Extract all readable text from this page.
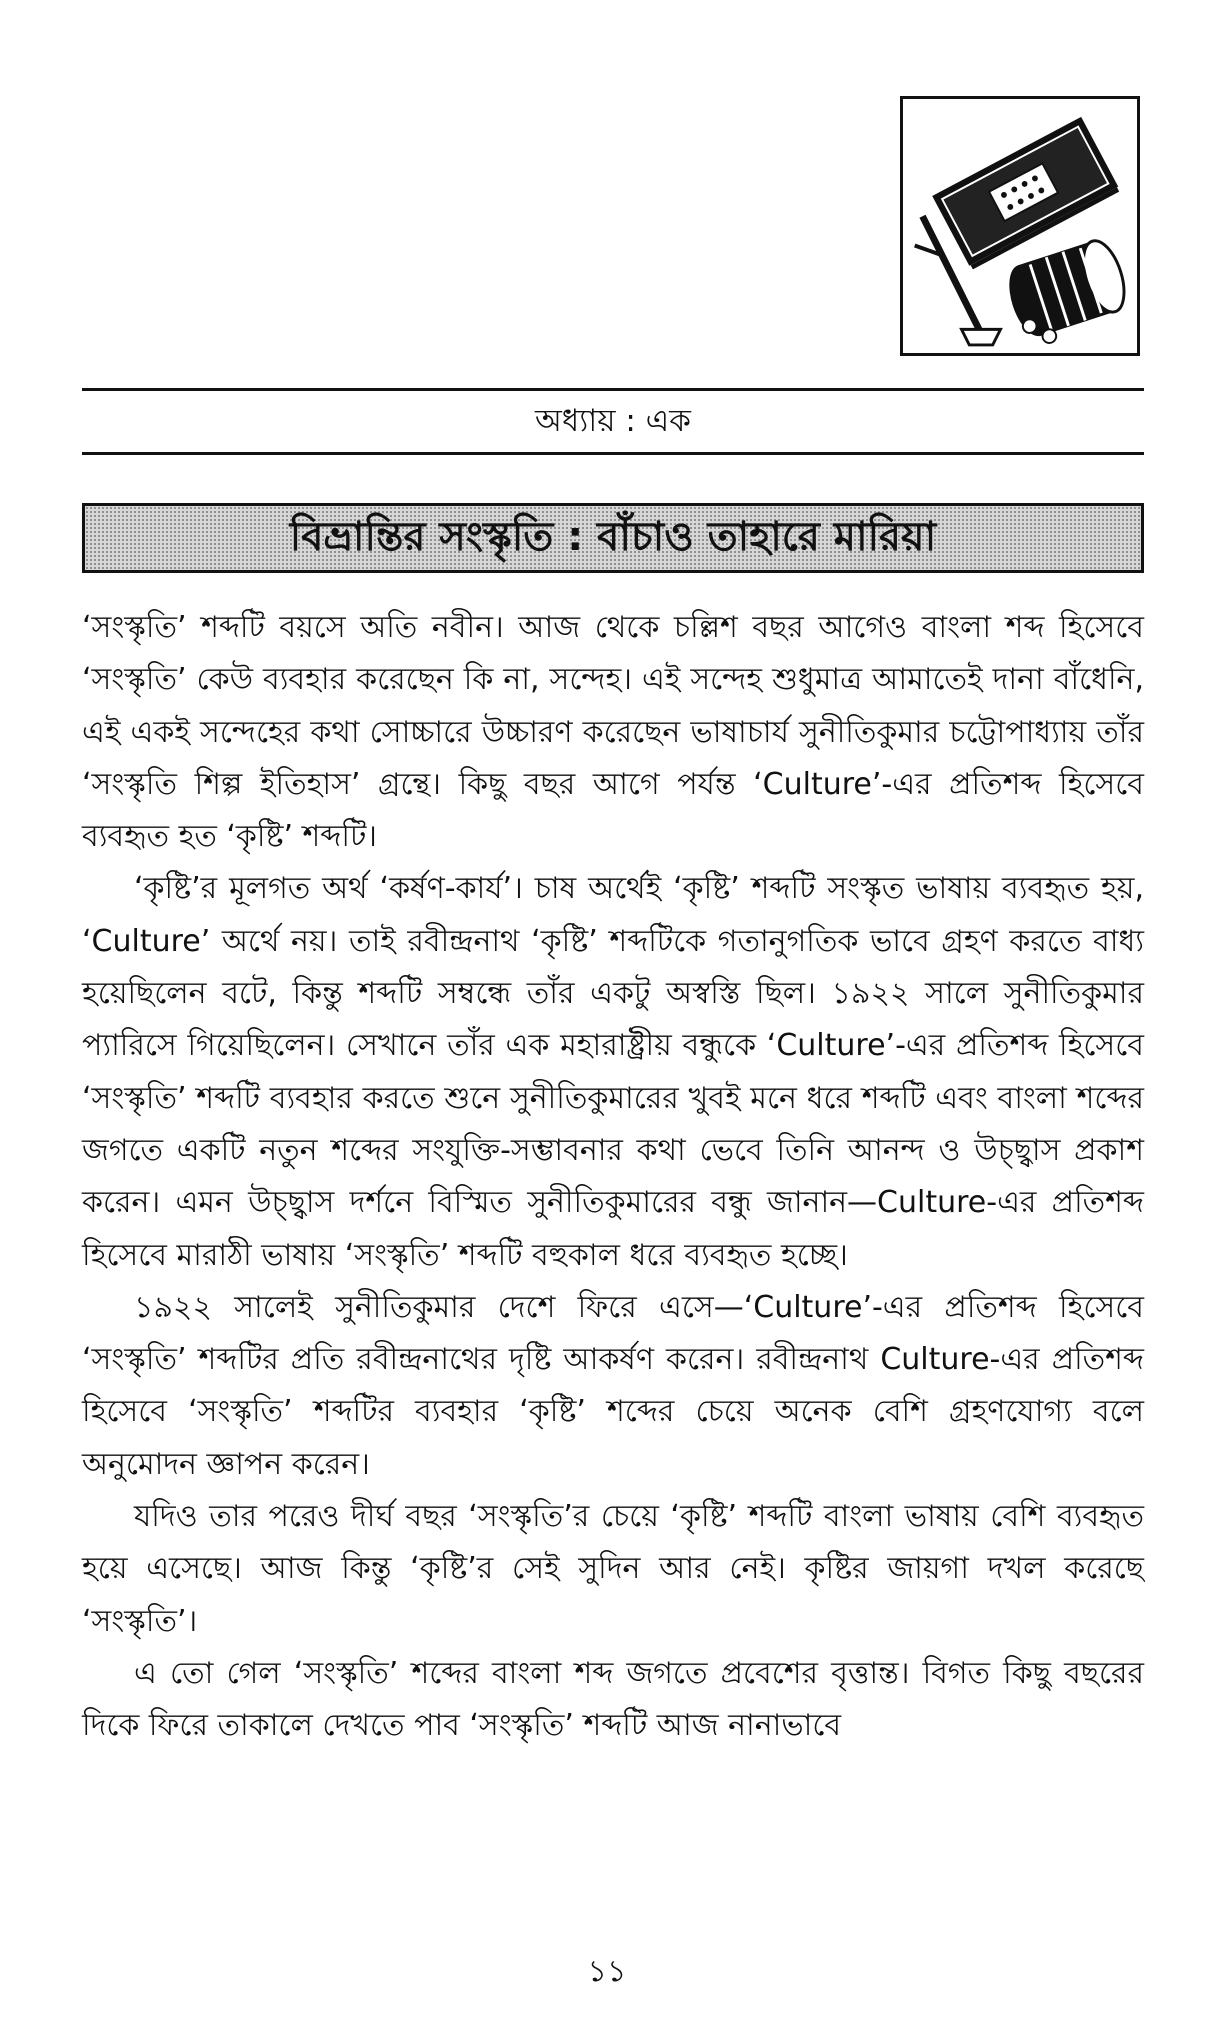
অধ্যায় : এক
বিভ্রান্তির সংস্কৃতি : বাঁচাও তাহারে মারিয়া

‘সংস্কৃতি’ শব্দটি বয়সে অতি নবীন। আজ থেকে চল্লিশ বছর আগেও বাংলা শব্দ হিসেবে ‘সংস্কৃতি’ কেউ ব্যবহার করেছেন কি না, সন্দেহ। এই সন্দেহ শুধুমাত্র আমাতেই দানা বাঁধেনি, এই একই সন্দেহের কথা সোচ্চারে উচ্চারণ করেছেন ভাষাচার্য সুনীতিকুমার চট্টোপাধ্যায় তাঁর ‘সংস্কৃতি শিল্প ইতিহাস’ গ্রন্থে। কিছু বছর আগে পর্যন্ত ‘Culture’-এর প্রতিশব্দ হিসেবে ব্যবহৃত হত ‘কৃষ্টি’ শব্দটি।

‘কৃষ্টি’র মূলগত অর্থ ‘কর্ষণ-কার্য’। চাষ অর্থেই ‘কৃষ্টি’ শব্দটি সংস্কৃত ভাষায় ব্যবহৃত হয়, ‘Culture’ অর্থে নয়। তাই রবীন্দ্রনাথ ‘কৃষ্টি’ শব্দটিকে গতানুগতিক ভাবে গ্রহণ করতে বাধ্য হয়েছিলেন বটে, কিন্তু শব্দটি সম্বন্ধে তাঁর একটু অস্বস্তি ছিল। ১৯২২ সালে সুনীতিকুমার প্যারিসে গিয়েছিলেন। সেখানে তাঁর এক মহারাষ্ট্রীয় বন্ধুকে ‘Culture’-এর প্রতিশব্দ হিসেবে ‘সংস্কৃতি’ শব্দটি ব্যবহার করতে শুনে সুনীতিকুমারের খুবই মনে ধরে শব্দটি এবং বাংলা শব্দের জগতে একটি নতুন শব্দের সংযুক্তি-সম্ভাবনার কথা ভেবে তিনি আনন্দ ও উচ্ছ্বাস প্রকাশ করেন। এমন উচ্ছ্বাস দর্শনে বিস্মিত সুনীতিকুমারের বন্ধু জানান—Culture-এর প্রতিশব্দ হিসেবে মারাঠী ভাষায় ‘সংস্কৃতি’ শব্দটি বহুকাল ধরে ব্যবহৃত হচ্ছে।

১৯২২ সালেই সুনীতিকুমার দেশে ফিরে এসে—‘Culture’-এর প্রতিশব্দ হিসেবে ‘সংস্কৃতি’ শব্দটির প্রতি রবীন্দ্রনাথের দৃষ্টি আকর্ষণ করেন। রবীন্দ্রনাথ Culture-এর প্রতিশব্দ হিসেবে ‘সংস্কৃতি’ শব্দটির ব্যবহার ‘কৃষ্টি’ শব্দের চেয়ে অনেক বেশি গ্রহণযোগ্য বলে অনুমোদন জ্ঞাপন করেন।

যদিও তার পরেও দীর্ঘ বছর ‘সংস্কৃতি’র চেয়ে ‘কৃষ্টি’ শব্দটি বাংলা ভাষায় বেশি ব্যবহৃত হয়ে এসেছে। আজ কিন্তু ‘কৃষ্টি’র সেই সুদিন আর নেই। কৃষ্টির জায়গা দখল করেছে ‘সংস্কৃতি’।

এ তো গেল ‘সংস্কৃতি’ শব্দের বাংলা শব্দ জগতে প্রবেশের বৃত্তান্ত। বিগত কিছু বছরের দিকে ফিরে তাকালে দেখতে পাব ‘সংস্কৃতি’ শব্দটি আজ নানাভাবে

১১
